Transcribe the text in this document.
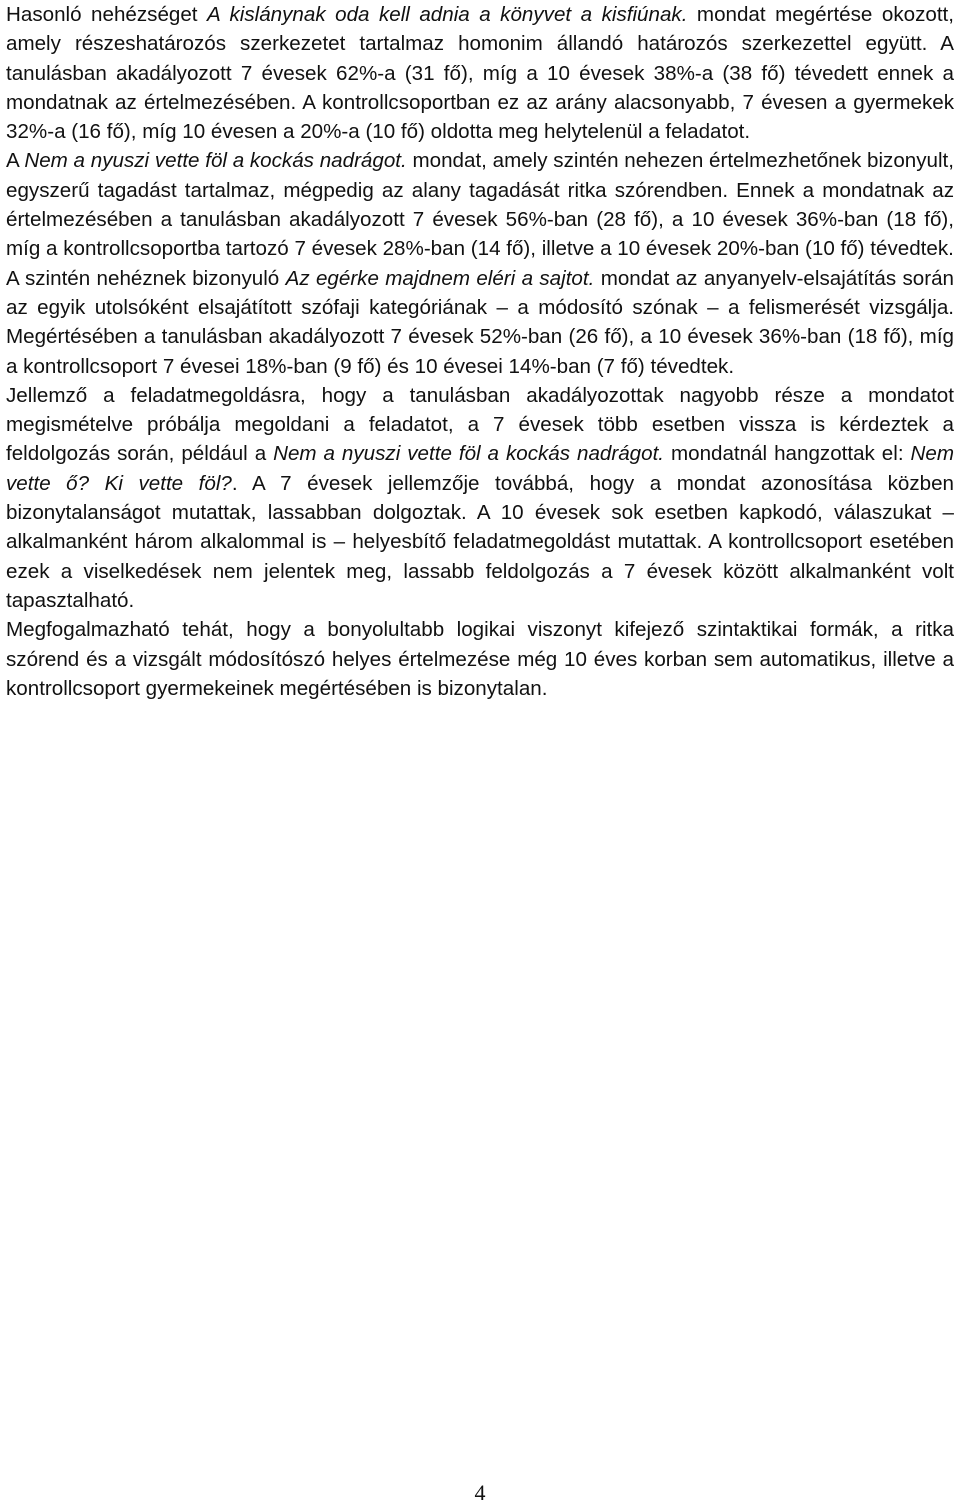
Hasonló nehézséget A kislánynak oda kell adnia a könyvet a kisfiúnak. mondat megértése okozott, amely részeshatározós szerkezetet tartalmaz homonim állandó határozós szerkezettel együtt. A tanulásban akadályozott 7 évesek 62%-a (31 fő), míg a 10 évesek 38%-a (38 fő) tévedett ennek a mondatnak az értelmezésében. A kontrollcsoportban ez az arány alacsonyabb, 7 évesen a gyermekek 32%-a (16 fő), míg 10 évesen a 20%-a (10 fő) oldotta meg helytelenül a feladatot.

A Nem a nyuszi vette föl a kockás nadrágot. mondat, amely szintén nehezen értelmezhetőnek bizonyult, egyszerű tagadást tartalmaz, mégpedig az alany tagadását ritka szórendben. Ennek a mondatnak az értelmezésében a tanulásban akadályozott 7 évesek 56%-ban (28 fő), a 10 évesek 36%-ban (18 fő), míg a kontrollcsoportba tartozó 7 évesek 28%-ban (14 fő), illetve a 10 évesek 20%-ban (10 fő) tévedtek.

A szintén nehéznek bizonyuló Az egérke majdnem eléri a sajtot. mondat az anyanyelv-elsajátítás során az egyik utolsóként elsajátított szófaji kategóriának – a módosító szónak – a felismerését vizsgálja. Megértésében a tanulásban akadályozott 7 évesek 52%-ban (26 fő), a 10 évesek 36%-ban (18 fő), míg a kontrollcsoport 7 évesei 18%-ban (9 fő) és 10 évesei 14%-ban (7 fő) tévedtek.

Jellemző a feladatmegoldásra, hogy a tanulásban akadályozottak nagyobb része a mondatot megismételve próbálja megoldani a feladatot, a 7 évesek több esetben vissza is kérdeztek a feldolgozás során, például a Nem a nyuszi vette föl a kockás nadrágot. mondatnál hangzottak el: Nem vette ő? Ki vette föl?. A 7 évesek jellemzője továbbá, hogy a mondat azonosítása közben bizonytalanságot mutattak, lassabban dolgoztak. A 10 évesek sok esetben kapkodó, válaszukat – alkalmanként három alkalommal is – helyesbítő feladatmegoldást mutattak. A kontrollcsoport esetében ezek a viselkedések nem jelentek meg, lassabb feldolgozás a 7 évesek között alkalmanként volt tapasztalható.

Megfogalmazható tehát, hogy a bonyolultabb logikai viszonyt kifejező szintaktikai formák, a ritka szórend és a vizsgált módosítószó helyes értelmezése még 10 éves korban sem automatikus, illetve a kontrollcsoport gyermekeinek megértésében is bizonytalan.

4
